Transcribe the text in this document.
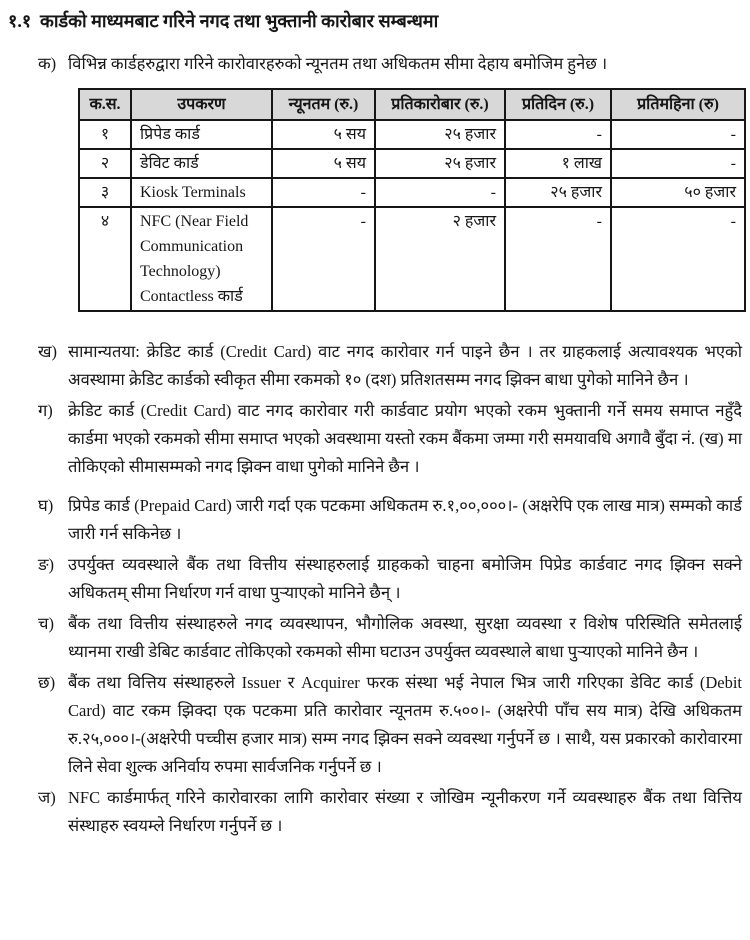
१.१ कार्डको माध्यमबाट गरिने नगद तथा भुक्तानी कारोबार सम्बन्धमा
क) विभिन्न कार्डहरुद्वारा गरिने कारोवारहरुको न्यूनतम तथा अधिकतम सीमा देहाय बमोजिम हुनेछ ।
क.स.	उपकरण	न्यूनतम (रु.)	प्रतिकारोबार (रु.)	प्रतिदिन (रु.)	प्रतिमहिना (रु)
१	प्रिपेड कार्ड	५ सय	२५ हजार	-	-
२	डेविट कार्ड	५ सय	२५ हजार	१ लाख	-
३	Kiosk Terminals	-	-	२५ हजार	५० हजार
४	NFC (Near Field Communication Technology) Contactless कार्ड	-	२ हजार	-	-
ख) सामान्यतया: क्रेडिट कार्ड (Credit Card) वाट नगद कारोवार गर्न पाइने छैन । तर ग्राहकलाई अत्यावश्यक भएको अवस्थामा क्रेडिट कार्डको स्वीकृत सीमा रकमको १० (दश) प्रतिशतसम्म नगद झिक्न बाधा पुगेको मानिने छैन ।
ग) क्रेडिट कार्ड (Credit Card) वाट नगद कारोवार गरी कार्डवाट प्रयोग भएको रकम भुक्तानी गर्ने समय समाप्त नहुँदै कार्डमा भएको रकमको सीमा समाप्त भएको अवस्थामा यस्तो रकम बैंकमा जम्मा गरी समयावधि अगावै बुँदा नं. (ख) मा तोकिएको सीमासम्मको नगद झिक्न वाधा पुगेको मानिने छैन ।
घ) प्रिपेड कार्ड (Prepaid Card) जारी गर्दा एक पटकमा अधिकतम रु.१,००,०००।- (अक्षरेपि एक लाख मात्र) सम्मको कार्ड जारी गर्न सकिनेछ ।
ङ) उपर्युक्त व्यवस्थाले बैंक तथा वित्तीय संस्थाहरुलाई ग्राहकको चाहना बमोजिम पिप्रेड कार्डवाट नगद झिक्न सक्ने अधिकतम् सीमा निर्धारण गर्न वाधा पुर्‍याएको मानिने छैन् ।
च) बैंक तथा वित्तीय संस्थाहरुले नगद व्यवस्थापन, भौगोलिक अवस्था, सुरक्षा व्यवस्था र विशेष परिस्थिति समेतलाई ध्यानमा राखी डेबिट कार्डवाट तोकिएको रकमको सीमा घटाउन उपर्युक्त व्यवस्थाले बाधा पुर्‍याएको मानिने छैन ।
छ) बैंक तथा वित्तिय संस्थाहरुले Issuer र Acquirer फरक संस्था भई नेपाल भित्र जारी गरिएका डेविट कार्ड (Debit Card) वाट रकम झिक्दा एक पटकमा प्रति कारोवार न्यूनतम रु.५००।- (अक्षरेपी पाँच सय मात्र) देखि अधिकतम रु.२५,०००।-(अक्षरेपी पच्चीस हजार मात्र) सम्म नगद झिक्न सक्ने व्यवस्था गर्नुपर्ने छ । साथै, यस प्रकारको कारोवारमा लिने सेवा शुल्क अनिर्वाय रुपमा सार्वजनिक गर्नुपर्ने छ ।
ज) NFC कार्डमार्फत् गरिने कारोवारका लागि कारोवार संख्या र जोखिम न्यूनीकरण गर्ने व्यवस्थाहरु बैंक तथा वित्तिय संस्थाहरु स्वयम्ले निर्धारण गर्नुपर्ने छ ।
